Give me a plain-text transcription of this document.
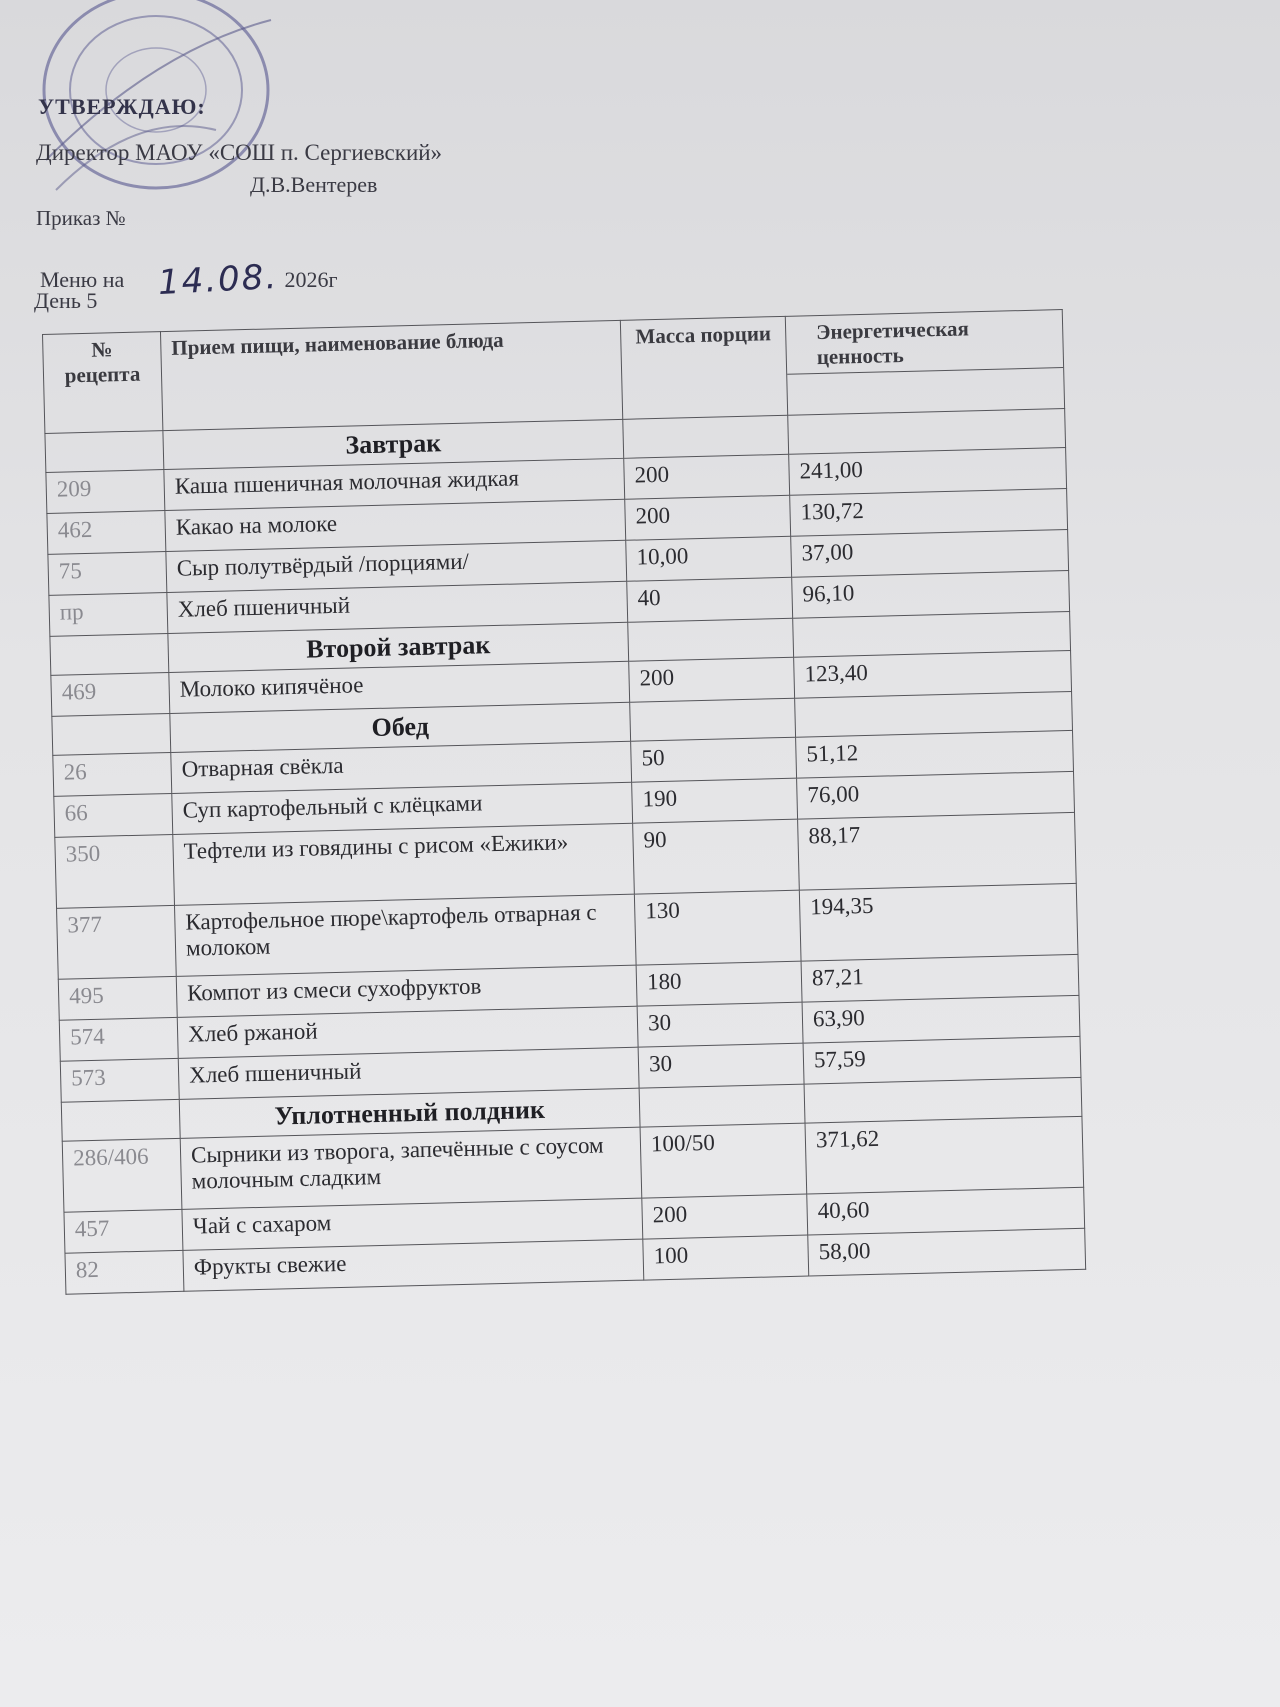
УТВЕРЖДАЮ:
Директор МАОУ «СОШ п. Сергиевский»
Д.В.Вентерев
Приказ №
Меню на 14.08. 2026г
День 5
№ рецепта	Прием пищи, наименование блюда	Масса порции	Энергетическая ценность

	Завтрак		
209	Каша пшеничная молочная жидкая	200	241,00
462	Какао на молоке	200	130,72
75	Сыр полутвёрдый /порциями/	10,00	37,00
пр	Хлеб пшеничный	40	96,10
	Второй завтрак		
469	Молоко кипячёное	200	123,40
	Обед		
26	Отварная свёкла	50	51,12
66	Суп картофельный с клёцками	190	76,00
350	Тефтели из говядины с рисом «Ежики»	90	88,17
377	Картофельное пюре\картофель отварная с молоком	130	194,35
495	Компот из смеси сухофруктов	180	87,21
574	Хлеб ржаной	30	63,90
573	Хлеб пшеничный	30	57,59
	Уплотненный полдник		
286/406	Сырники из творога, запечённые с соусом молочным сладким	100/50	371,62
457	Чай с сахаром	200	40,60
82	Фрукты свежие	100	58,00
